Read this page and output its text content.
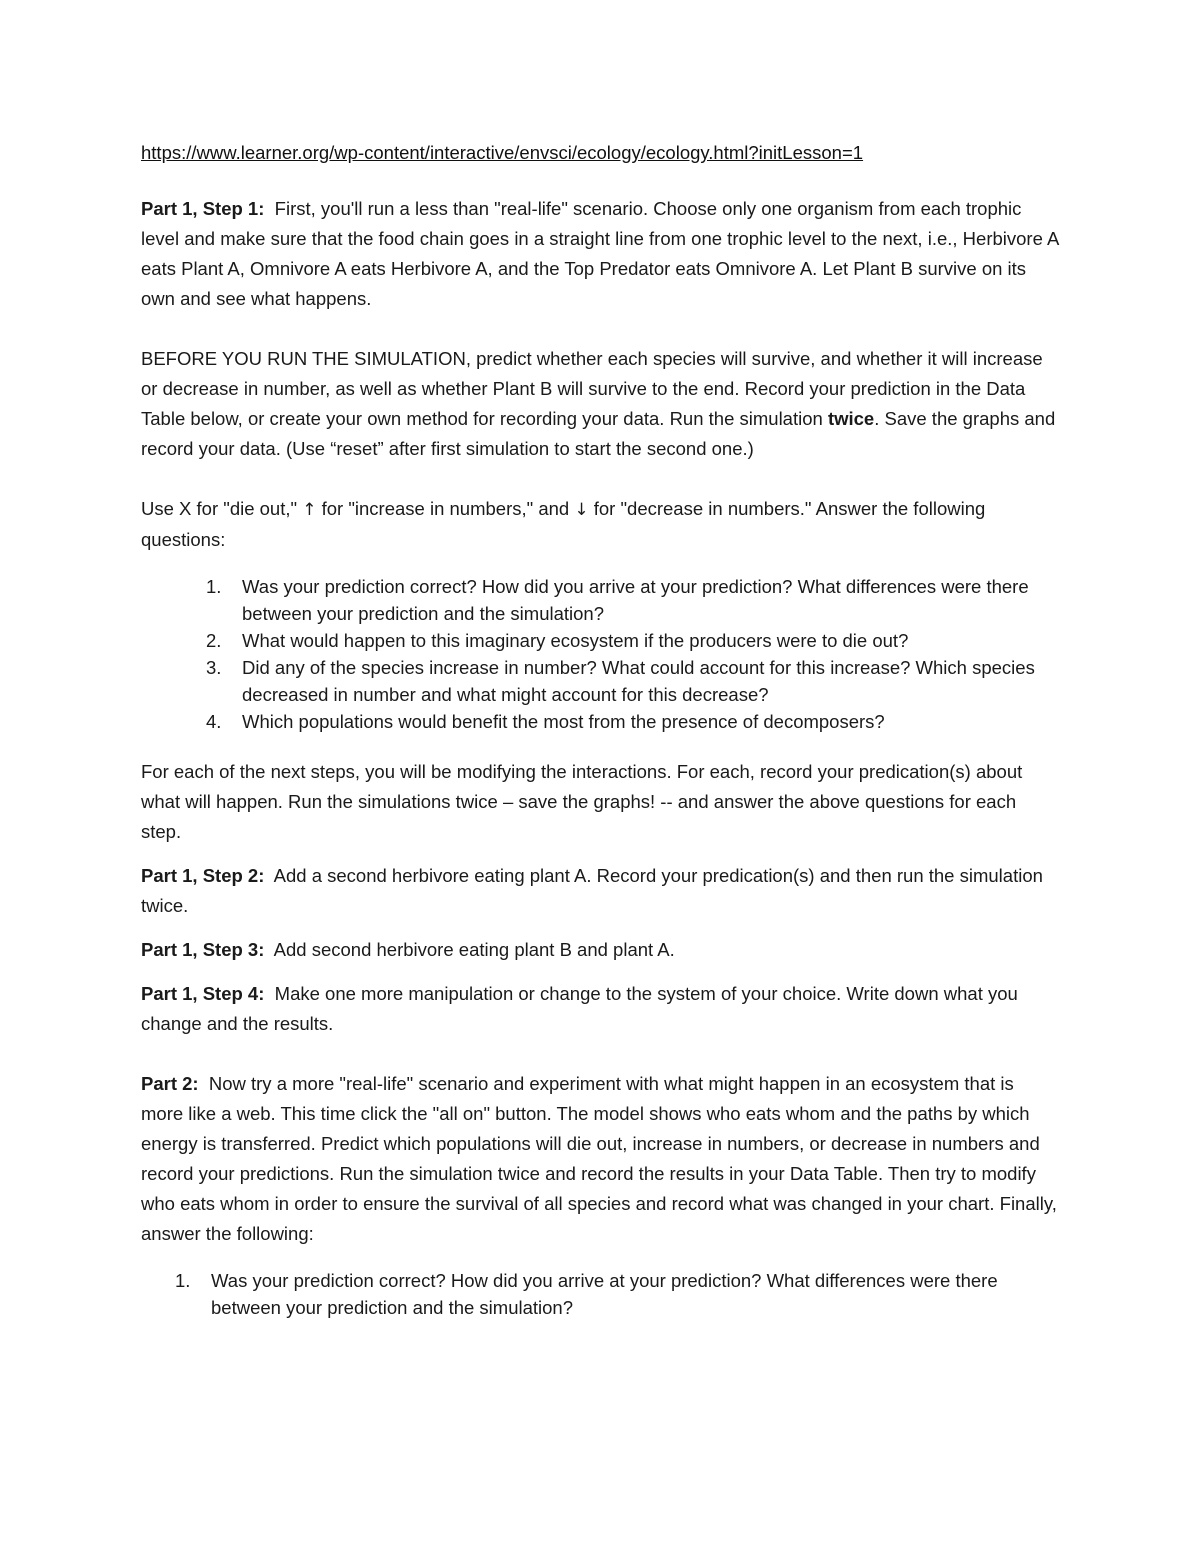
https://www.learner.org/wp-content/interactive/envsci/ecology/ecology.html?initLesson=1

Part 1, Step 1: First, you'll run a less than "real-life" scenario. Choose only one organism from each trophic level and make sure that the food chain goes in a straight line from one trophic level to the next, i.e., Herbivore A eats Plant A, Omnivore A eats Herbivore A, and the Top Predator eats Omnivore A. Let Plant B survive on its own and see what happens.

BEFORE YOU RUN THE SIMULATION, predict whether each species will survive, and whether it will increase or decrease in number, as well as whether Plant B will survive to the end. Record your prediction in the Data Table below, or create your own method for recording your data. Run the simulation twice. Save the graphs and record your data. (Use “reset” after first simulation to start the second one.)

Use X for "die out," ↑ for "increase in numbers," and ↓ for "decrease in numbers." Answer the following questions:

1. Was your prediction correct? How did you arrive at your prediction? What differences were there between your prediction and the simulation?
2. What would happen to this imaginary ecosystem if the producers were to die out?
3. Did any of the species increase in number? What could account for this increase? Which species decreased in number and what might account for this decrease?
4. Which populations would benefit the most from the presence of decomposers?

For each of the next steps, you will be modifying the interactions. For each, record your predication(s) about what will happen. Run the simulations twice – save the graphs! -- and answer the above questions for each step.

Part 1, Step 2: Add a second herbivore eating plant A. Record your predication(s) and then run the simulation twice.

Part 1, Step 3: Add second herbivore eating plant B and plant A.

Part 1, Step 4: Make one more manipulation or change to the system of your choice. Write down what you change and the results.

Part 2: Now try a more "real-life" scenario and experiment with what might happen in an ecosystem that is more like a web. This time click the "all on" button. The model shows who eats whom and the paths by which energy is transferred. Predict which populations will die out, increase in numbers, or decrease in numbers and record your predictions. Run the simulation twice and record the results in your Data Table. Then try to modify who eats whom in order to ensure the survival of all species and record what was changed in your chart. Finally, answer the following:

1. Was your prediction correct? How did you arrive at your prediction? What differences were there between your prediction and the simulation?
